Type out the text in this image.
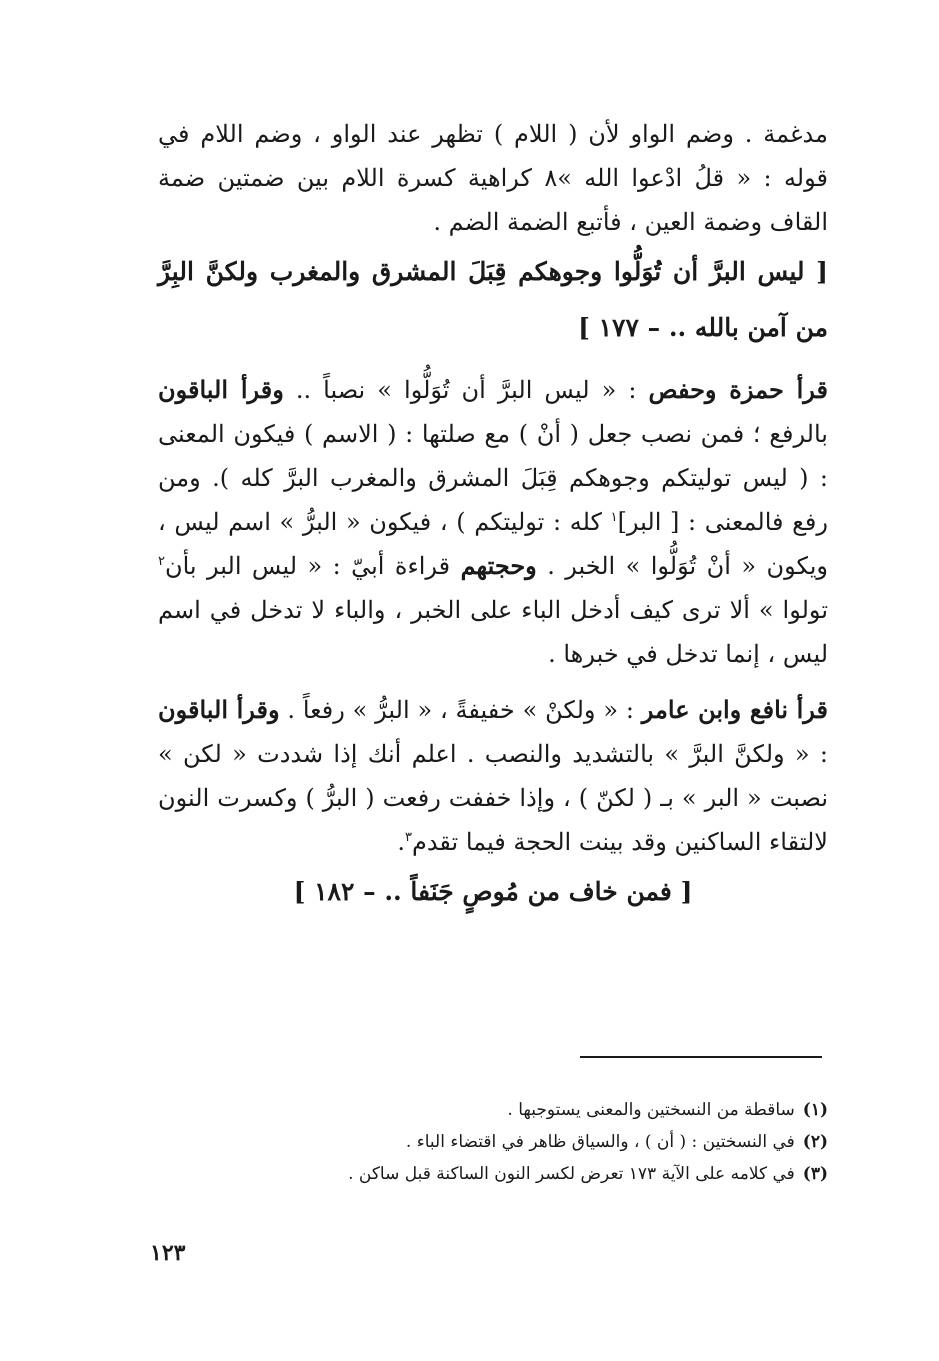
مدغمة . وضم الواو لأن ( اللام ) تظهر عند الواو ، وضم اللام في قوله : « قلُ ادْعوا الله »٨ كراهية كسرة اللام بين ضمتين ضمة القاف وضمة العين ، فأتبع الضمة الضم .

[ ليس البرَّ أن تُوَلُّوا وجوهكم قِبَلَ المشرق والمغرب ولكنَّ البِرَّ من آمن بالله .. – ١٧٧ ]

قرأ حمزة وحفص : « ليس البرَّ أن تُوَلُّوا » نصباً .. وقرأ الباقون بالرفع ؛ فمن نصب جعل ( أنْ ) مع صلتها : ( الاسم ) فيكون المعنى : ( ليس توليتكم وجوهكم قِبَلَ المشرق والمغرب البرَّ كله ). ومن رفع فالمعنى : [ البر]$^١$ كله : توليتكم ) ، فيكون « البرُّ » اسم ليس ، ويكون « أنْ تُوَلُّوا » الخبر . وحجتهم قراءة أبيّ : « ليس البر بأن$^٢$ تولوا » ألا ترى كيف أدخل الباء على الخبر ، والباء لا تدخل في اسم ليس ، إنما تدخل في خبرها .

قرأ نافع وابن عامر : « ولكنْ » خفيفةً ، « البرُّ » رفعاً . وقرأ الباقون : « ولكنَّ البرَّ » بالتشديد والنصب . اعلم أنك إذا شددت « لكن » نصبت « البر » بـ ( لكنّ ) ، وإذا خففت رفعت ( البرُّ ) وكسرت النون لالتقاء الساكنين وقد بينت الحجة فيما تقدم$^٣$.

[ فمن خاف من مُوصٍ جَنَفاً .. – ١٨٢ ]

(١)ساقطة من النسختين والمعنى يستوجبها .

(٢)في النسختين : ( أن ) ، والسياق ظاهر في اقتضاء الباء .

(٣)في كلامه على الآية ١٧٣ تعرض لكسر النون الساكنة قبل ساكن .

١٢٣
